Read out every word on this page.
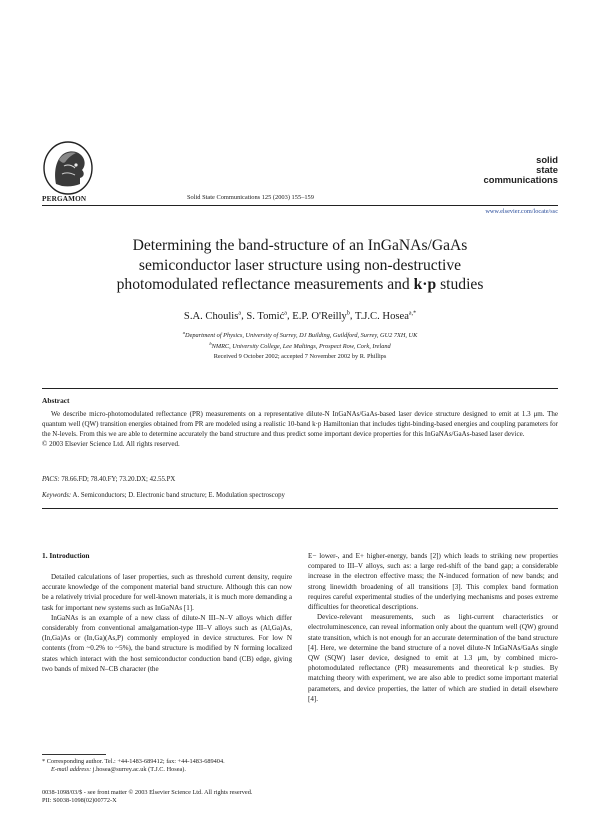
PERGAMON	Solid State Communications 125 (2003) 155–159
solid
state
communications
www.elsevier.com/locate/ssc
Determining the band-structure of an InGaNAs/GaAs
semiconductor laser structure using non-destructive
photomodulated reflectance measurements and k·p studies
S.A. Choulis$^a$, S. Tomić$^a$, E.P. O'Reilly$^b$, T.J.C. Hosea$^{a,*}$
$^a$Department of Physics, University of Surrey, DJ Building, Guildford, Surrey, GU2 7XH, UK
$^b$NMRC, University College, Lee Maltings, Prospect Row, Cork, Ireland
Received 9 October 2002; accepted 7 November 2002 by R. Phillips
Abstract

We describe micro-photomodulated reflectance (PR) measurements on a representative dilute-N InGaNAs/GaAs-based laser device structure designed to emit at 1.3 μm. The quantum well (QW) transition energies obtained from PR are modeled using a realistic 10-band k·p Hamiltonian that includes tight-binding-based energies and coupling parameters for the N-levels. From this we are able to determine accurately the band structure and thus predict some important device properties for this InGaNAs/GaAs-based laser device.

© 2003 Elsevier Science Ltd. All rights reserved.
PACS: 78.66.FD; 78.40.FY; 73.20.DX; 42.55.PX
Keywords: A. Semiconductors; D. Electronic band structure; E. Modulation spectroscopy
1. Introduction

Detailed calculations of laser properties, such as threshold current density, require accurate knowledge of the component material band structure. Although this can now be a relatively trivial procedure for well-known materials, it is much more demanding a task for important new systems such as InGaNAs [1].

InGaNAs is an example of a new class of dilute-N III–N–V alloys which differ considerably from conventional amalgamation-type III–V alloys such as (Al,Ga)As, (In,Ga)As or (In,Ga)(As,P) commonly employed in device structures. For low N contents (from ~0.2% to ~5%), the band structure is modified by N forming localized states which interact with the host semiconductor conduction band (CB) edge, giving two bands of mixed N–CB character (the

E− lower-, and E+ higher-energy, bands [2]) which leads to striking new properties compared to III–V alloys, such as: a large red-shift of the band gap; a considerable increase in the electron effective mass; the N-induced formation of new bands; and strong linewidth broadening of all transitions [3]. This complex band formation requires careful experimental studies of the underlying mechanisms and poses extreme difficulties for theoretical descriptions.

Device-relevant measurements, such as light-current characteristics or electroluminescence, can reveal information only about the quantum well (QW) ground state transition, which is not enough for an accurate determination of the band structure [4]. Here, we determine the band structure of a novel dilute-N InGaNAs/GaAs single QW (SQW) laser device, designed to emit at 1.3 μm, by combined micro-photomodulated reflectance (PR) measurements and theoretical k·p studies. By matching theory with experiment, we are also able to predict some important material parameters, and device properties, the latter of which are studied in detail elsewhere [4].

* Corresponding author. Tel.: +44-1483-689412; fax: +44-1483-689404.
E-mail address: j.hosea@surrey.ac.uk (T.J.C. Hosea).
0038-1098/03/$ - see front matter © 2003 Elsevier Science Ltd. All rights reserved.
PII: S0038-1098(02)00772-X
